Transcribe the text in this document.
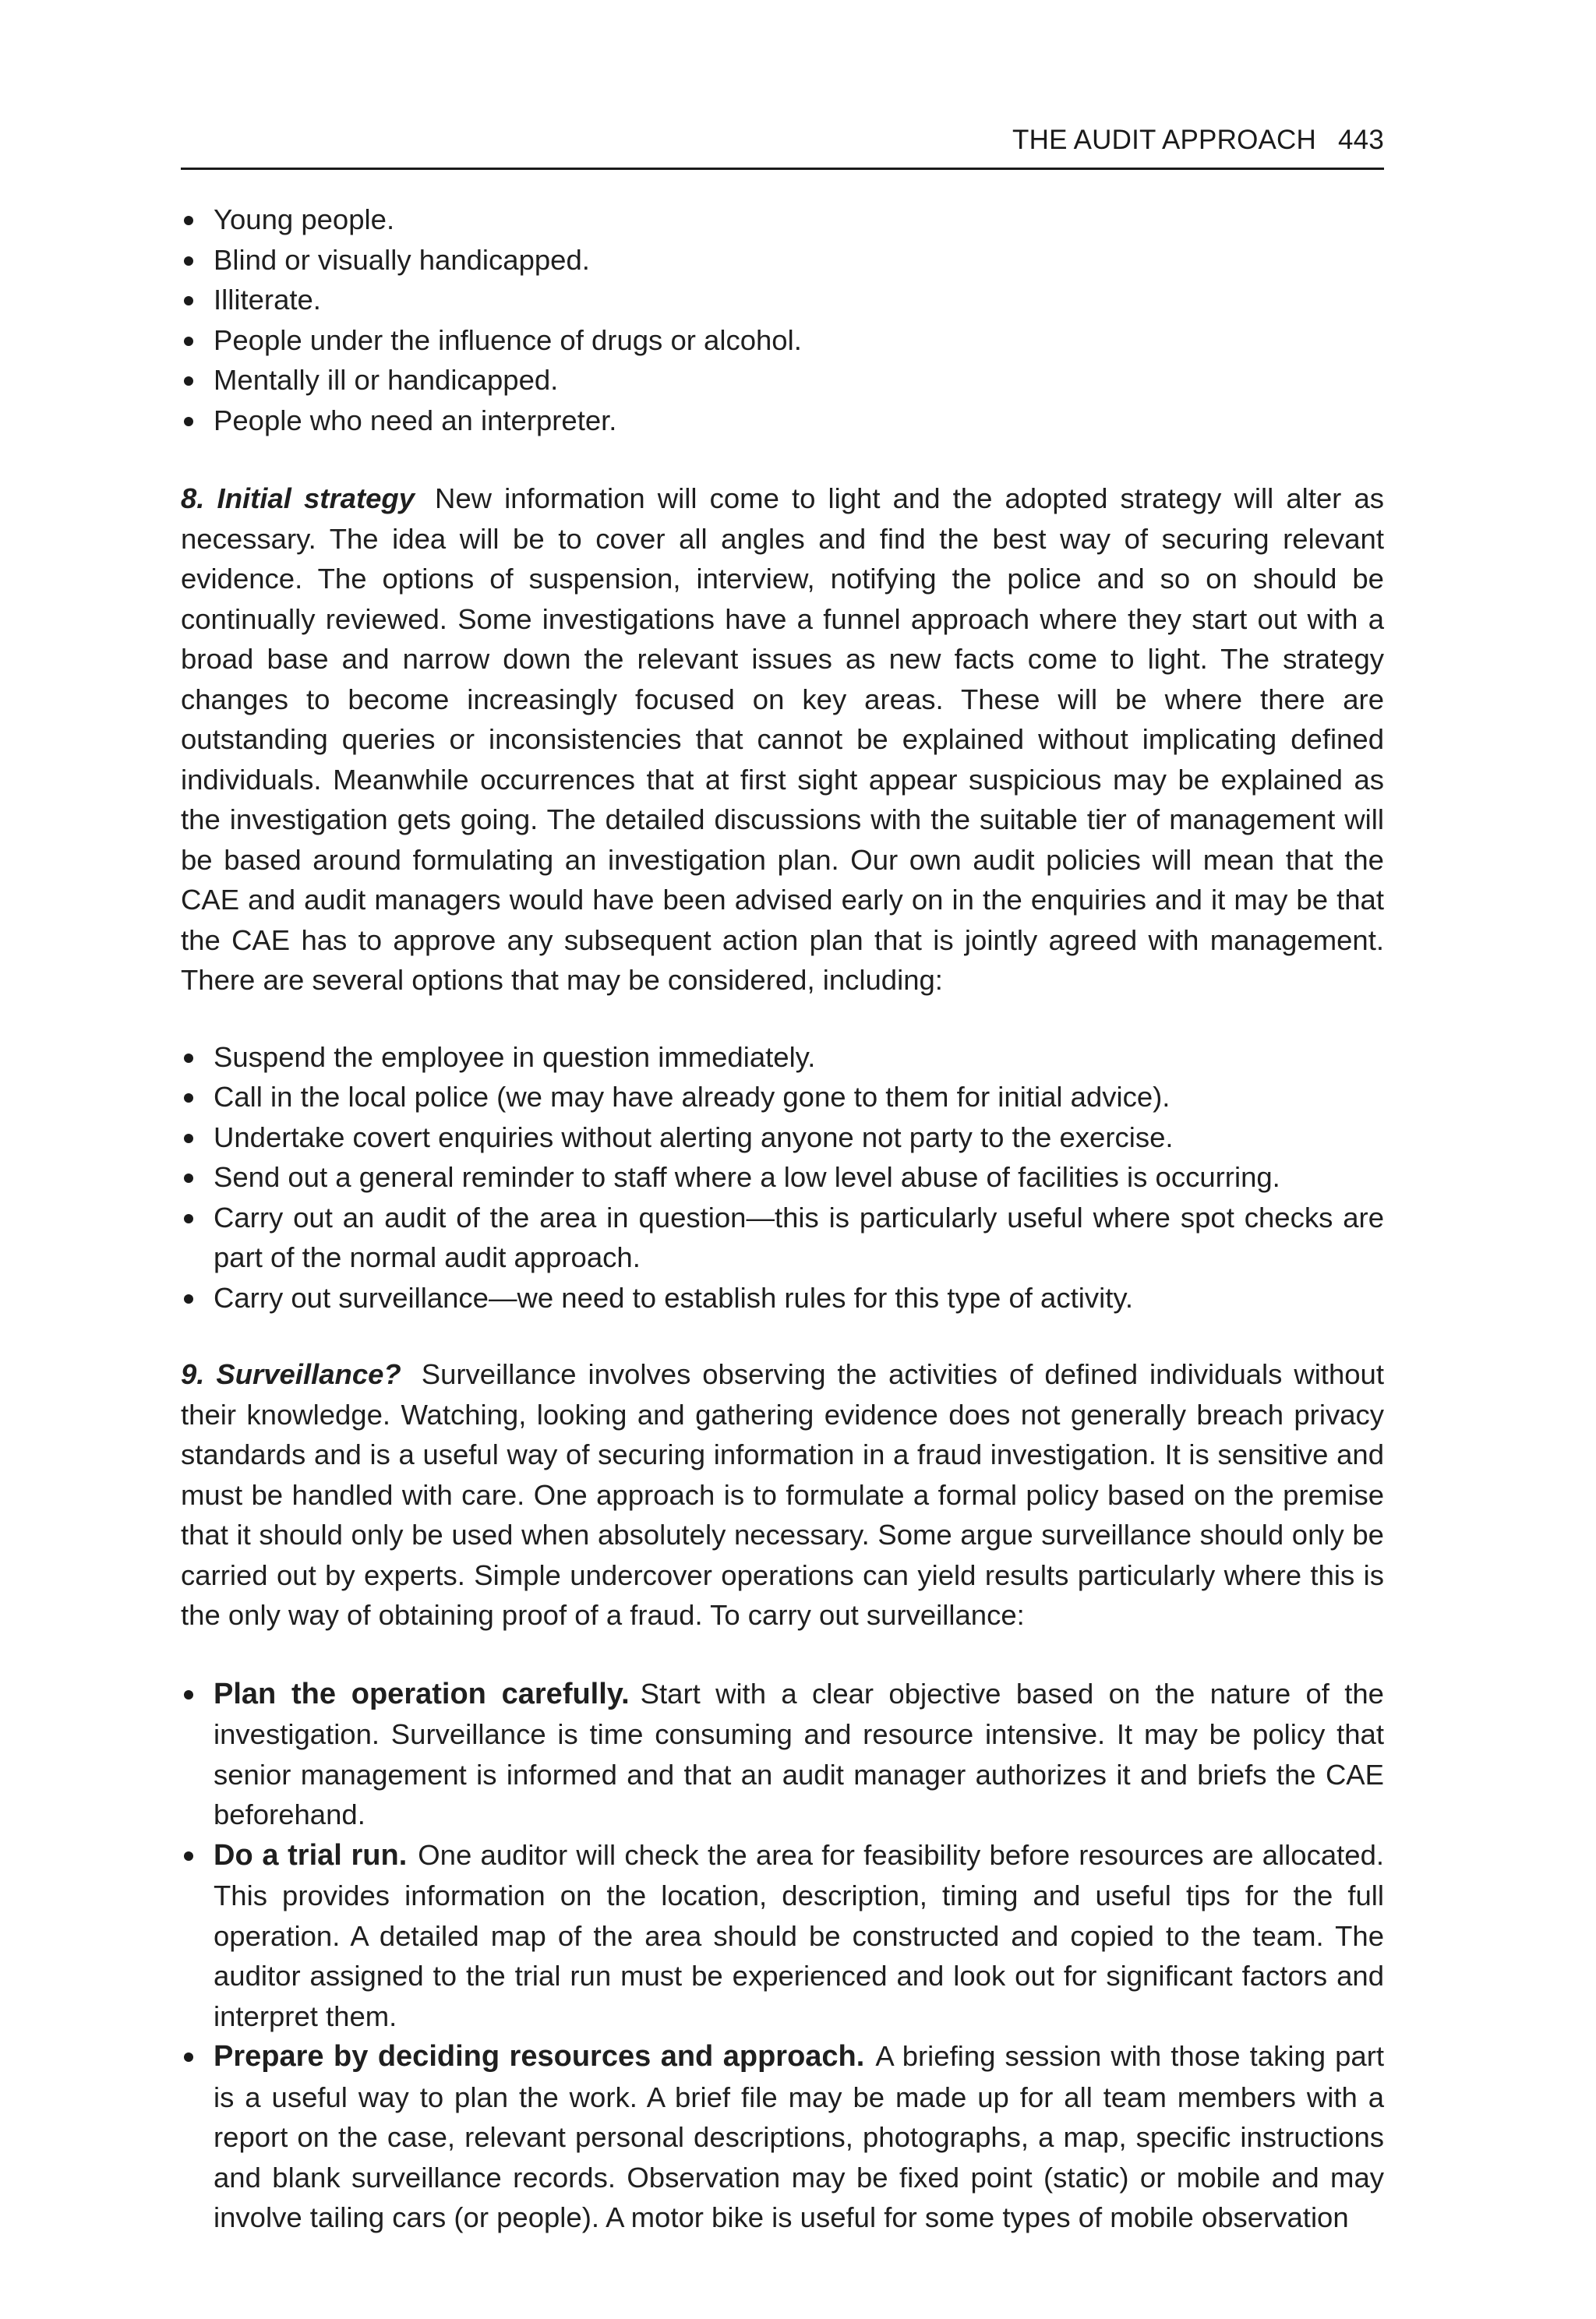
THE AUDIT APPROACH 443
Young people.
Blind or visually handicapped.
Illiterate.
People under the influence of drugs or alcohol.
Mentally ill or handicapped.
People who need an interpreter.

8. Initial strategy New information will come to light and the adopted strategy will alter as necessary. The idea will be to cover all angles and find the best way of securing relevant evidence. The options of suspension, interview, notifying the police and so on should be continually reviewed. Some investigations have a funnel approach where they start out with a broad base and narrow down the relevant issues as new facts come to light. The strategy changes to become increasingly focused on key areas. These will be where there are outstanding queries or inconsistencies that cannot be explained without implicating defined individuals. Meanwhile occurrences that at first sight appear suspicious may be explained as the investigation gets going. The detailed discussions with the suitable tier of management will be based around formulating an investigation plan. Our own audit policies will mean that the CAE and audit managers would have been advised early on in the enquiries and it may be that the CAE has to approve any subsequent action plan that is jointly agreed with management. There are several options that may be considered, including:

Suspend the employee in question immediately.
Call in the local police (we may have already gone to them for initial advice).
Undertake covert enquiries without alerting anyone not party to the exercise.
Send out a general reminder to staff where a low level abuse of facilities is occurring.
Carry out an audit of the area in question—this is particularly useful where spot checks are part of the normal audit approach.
Carry out surveillance—we need to establish rules for this type of activity.

9. Surveillance? Surveillance involves observing the activities of defined individuals without their knowledge. Watching, looking and gathering evidence does not generally breach privacy standards and is a useful way of securing information in a fraud investigation. It is sensitive and must be handled with care. One approach is to formulate a formal policy based on the premise that it should only be used when absolutely necessary. Some argue surveillance should only be carried out by experts. Simple undercover operations can yield results particularly where this is the only way of obtaining proof of a fraud. To carry out surveillance:

Plan the operation carefully. Start with a clear objective based on the nature of the investigation. Surveillance is time consuming and resource intensive. It may be policy that senior management is informed and that an audit manager authorizes it and briefs the CAE beforehand.
Do a trial run. One auditor will check the area for feasibility before resources are allocated. This provides information on the location, description, timing and useful tips for the full operation. A detailed map of the area should be constructed and copied to the team. The auditor assigned to the trial run must be experienced and look out for significant factors and interpret them.
Prepare by deciding resources and approach. A briefing session with those taking part is a useful way to plan the work. A brief file may be made up for all team members with a report on the case, relevant personal descriptions, photographs, a map, specific instructions and blank surveillance records. Observation may be fixed point (static) or mobile and may involve tailing cars (or people). A motor bike is useful for some types of mobile observation
